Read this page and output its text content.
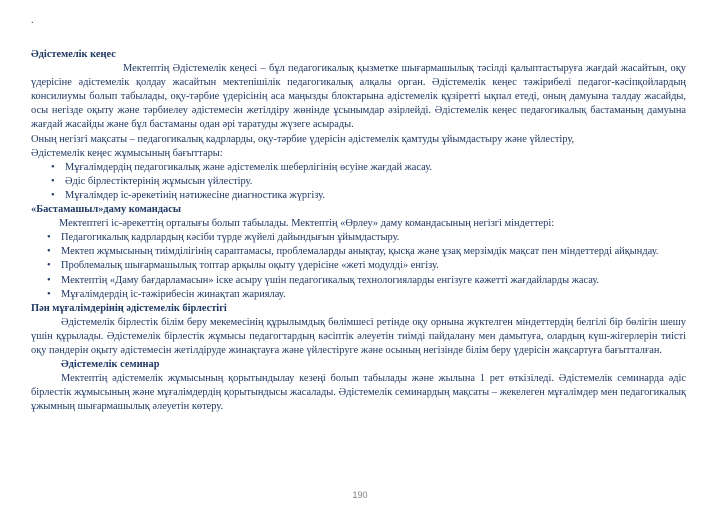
.

Әдістемелік кеңес

Мектептің Әдістемелік кеңесі – бұл педагогикалық қызметке шығармашылық тәсілді қалыптастыруға жағдай жасайтын, оқу үдерісіне әдістемелік қолдау жасайтын мектепішілік педагогикалық алқалы орган. Әдістемелік кеңес тәжірибелі педагог-кәсіпқойлардың консилиумы болып табылады, оқу-тәрбие үдерісінің аса маңызды блоктарына әдістемелік құзіретті ықпал етеді, оның дамуына талдау жасайды, осы негізде оқыту және тәрбиелеу әдістемесін жетілдіру жөнінде ұсынымдар әзірлейді. Әдістемелік кеңес педагогикалық бастаманың дамуына жағдай жасайды және бұл бастаманы одан әрі таратуды жүзеге асырады.

Оның негізгі мақсаты – педагогикалық кадрларды, оқу-тәрбие үдерісін әдістемелік қамтуды ұйымдастыру және үйлестіру,

Әдістемелік кеңес жұмысының бағыттары:

• Мұғалімдердің педагогикалық және әдістемелік шеберлігінің өсуіне жағдай жасау.
• Әдіс бірлестіктерінің жұмысын үйлестіру.
• Мұғалімдер іс-әрекетінің нәтижесіне диагностика жүргізу.

«Бастамашыл»даму командасы

Мектептегі іс-әрекеттің орталығы болып табылады. Мектептің «Өрлеу» даму командасының негізгі міндеттері:

• Педагогикалық кадрлардың кәсіби түрде жүйелі дайындығын ұйымдастыру.
• Мектеп жұмысының тиімділігінің сараптамасы, проблемаларды анықтау, қысқа және ұзақ мерзімдік мақсат пен міндеттерді айқындау.
• Проблемалық шығармашылық топтар арқылы оқыту үдерісіне «жеті модулді» енгізу.
• Мектептің «Даму бағдарламасын» іске асыру үшін педагогикалық технологияларды енгізуге кәжетті жағдайларды жасау.
• Мұғалімдердің іс-тәжірибесін жинақтап жариялау.

Пән мұғалімдерінің әдістемелік бірлестігі

Әдістемелік бірлестік білім беру мекемесінің құрылымдық бөлімшесі ретінде оқу орнына жүктелген міндеттердің белгілі бір бөлігін шешу үшін құрылады. Әдістемелік бірлестік жұмысы педагогтардың кәсіптік әлеуетін тиімді пайдалану мен дамытуға, олардың күш-жігерлерін тиісті оқу пәндерін оқыту әдістемесін жетілдіруде жинақтауға және үйлестіруге және осының негізінде білім беру үдерісін жақсартуға бағытталған.

Әдістемелік семинар

Мектептің әдістемелік жұмысының қорытындылау кезеңі болып табылады және жылына 1 рет өткізіледі. Әдістемелік семинарда әдіс бірлестік жұмысының және мұғалімдердің қорытындысы жасалады. Әдістемелік семинардың мақсаты – жекелеген мұғалімдер мен педагогикалық ұжымның шығармашылық әлеуетін көтеру.

190
